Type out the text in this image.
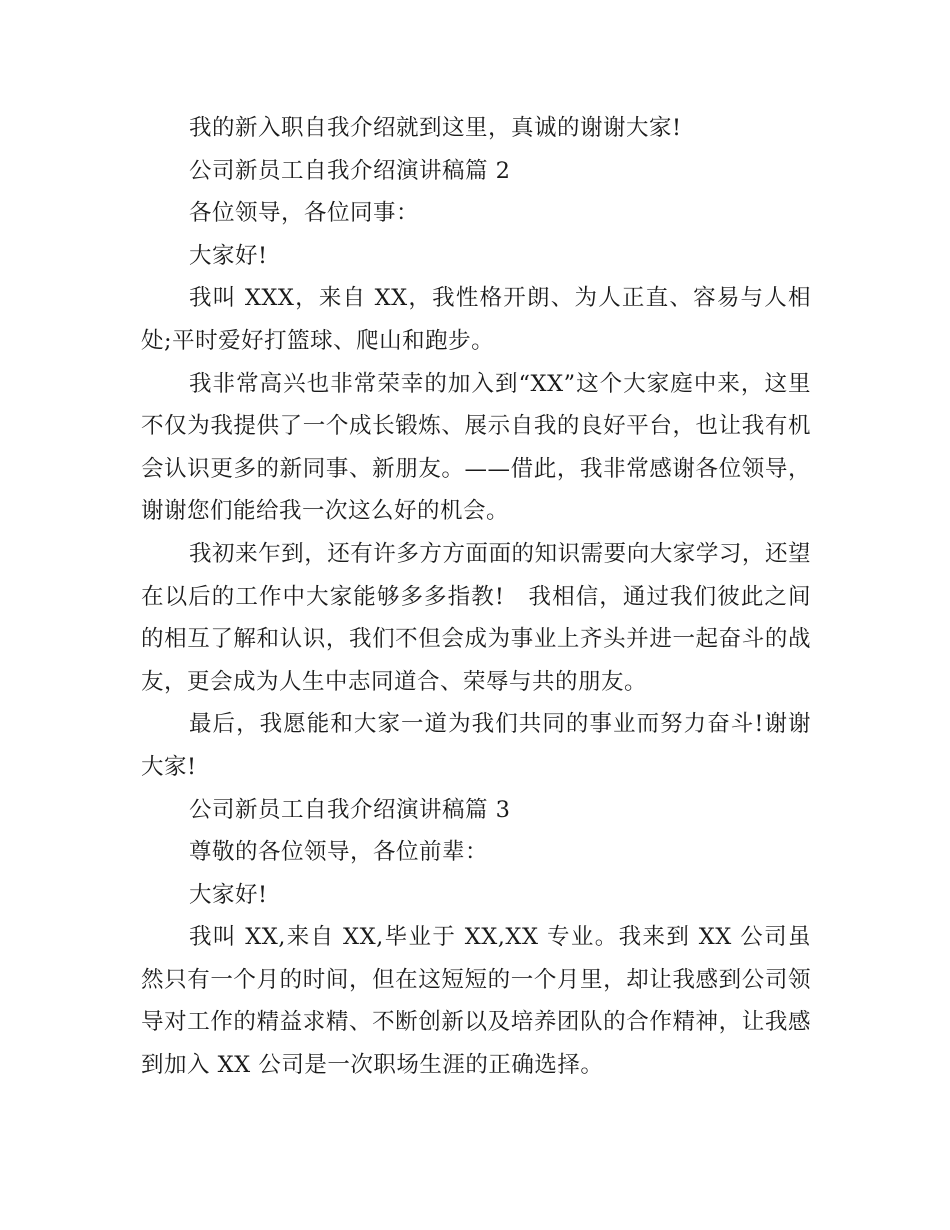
我的新入职自我介绍就到这里，真诚的谢谢大家!

公司新员工自我介绍演讲稿篇 2

各位领导，各位同事：

大家好!

我叫 XXX，来自 XX，我性格开朗、为人正直、容易与人相处;平时爱好打篮球、爬山和跑步。

我非常高兴也非常荣幸的加入到“XX”这个大家庭中来，这里不仅为我提供了一个成长锻炼、展示自我的良好平台，也让我有机会认识更多的新同事、新朋友。——借此，我非常感谢各位领导，谢谢您们能给我一次这么好的机会。

我初来乍到，还有许多方方面面的知识需要向大家学习，还望在以后的工作中大家能够多多指教!　我相信，通过我们彼此之间的相互了解和认识，我们不但会成为事业上齐头并进一起奋斗的战友，更会成为人生中志同道合、荣辱与共的朋友。

最后，我愿能和大家一道为我们共同的事业而努力奋斗!谢谢大家!

公司新员工自我介绍演讲稿篇 3

尊敬的各位领导，各位前辈：

大家好!

我叫 XX,来自 XX,毕业于 XX,XX 专业。我来到 XX 公司虽然只有一个月的时间，但在这短短的一个月里，却让我感到公司领导对工作的精益求精、不断创新以及培养团队的合作精神，让我感到加入 XX 公司是一次职场生涯的正确选择。
